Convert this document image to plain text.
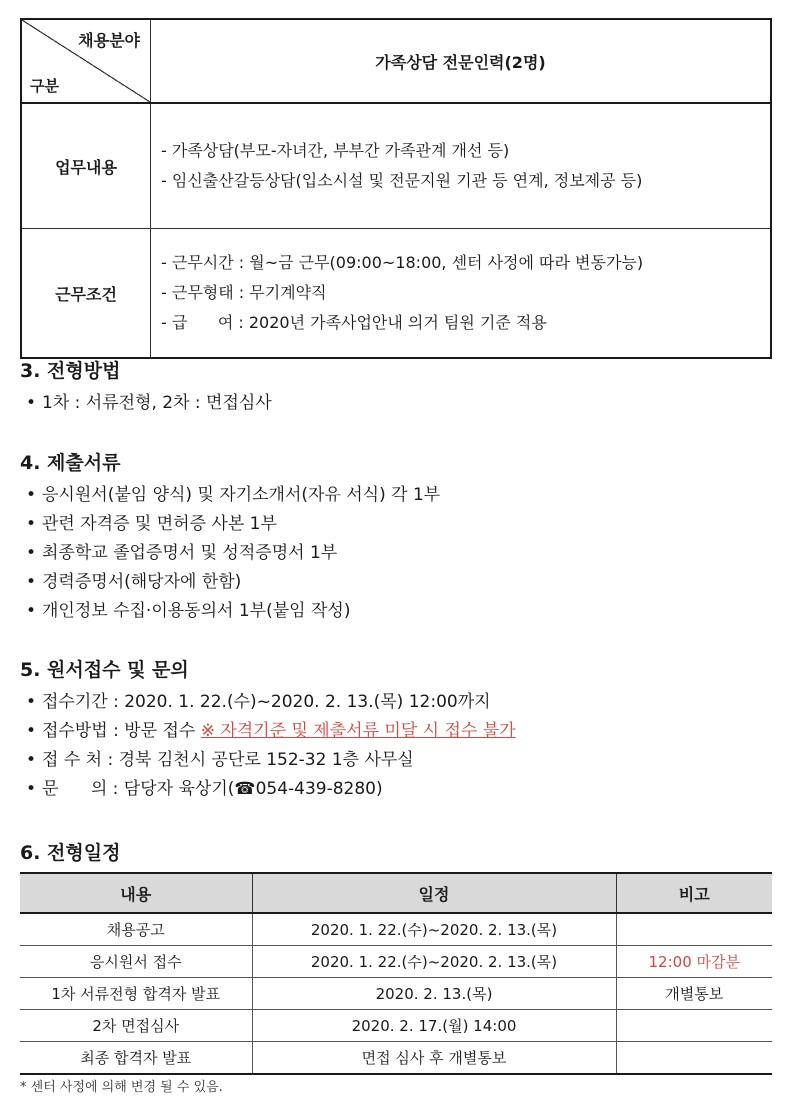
채용분야
구분	가족상담 전문인력(2명)
업무내용	- 가족상담(부모-자녀간, 부부간 가족관계 개선 등)
- 임신출산갈등상담(입소시설 및 전문지원 기관 등 연계, 정보제공 등)

근무조건	- 근무시간 : 월~금 근무(09:00~18:00, 센터 사정에 따라 변동가능)
- 근무형태 : 무기계약직
- 급      여 : 2020년 가족사업안내 의거 팀원 기준 적용
3. 전형방법
• 1차 : 서류전형, 2차 : 면접심사
4. 제출서류
• 응시원서(붙임 양식) 및 자기소개서(자유 서식) 각 1부
• 관련 자격증 및 면허증 사본 1부
• 최종학교 졸업증명서 및 성적증명서 1부
• 경력증명서(해당자에 한함)
• 개인정보 수집·이용동의서 1부(붙임 작성)
5. 원서접수 및 문의
• 접수기간 : 2020. 1. 22.(수)~2020. 2. 13.(목) 12:00까지
• 접수방법 : 방문 접수 ※ 자격기준 및 제출서류 미달 시 접수 불가
• 접 수 처 : 경북 김천시 공단로 152-32 1층 사무실
• 문      의 : 담당자 육상기(☎054-439-8280)
6. 전형일정
내용	일정	비고
채용공고	2020. 1. 22.(수)~2020. 2. 13.(목)	
응시원서 접수	2020. 1. 22.(수)~2020. 2. 13.(목)	12:00 마감분
1차 서류전형 합격자 발표	2020. 2. 13.(목)	개별통보
2차 면접심사	2020. 2. 17.(월) 14:00	
최종 합격자 발표	면접 심사 후 개별통보	
* 센터 사정에 의해 변경 될 수 있음.
